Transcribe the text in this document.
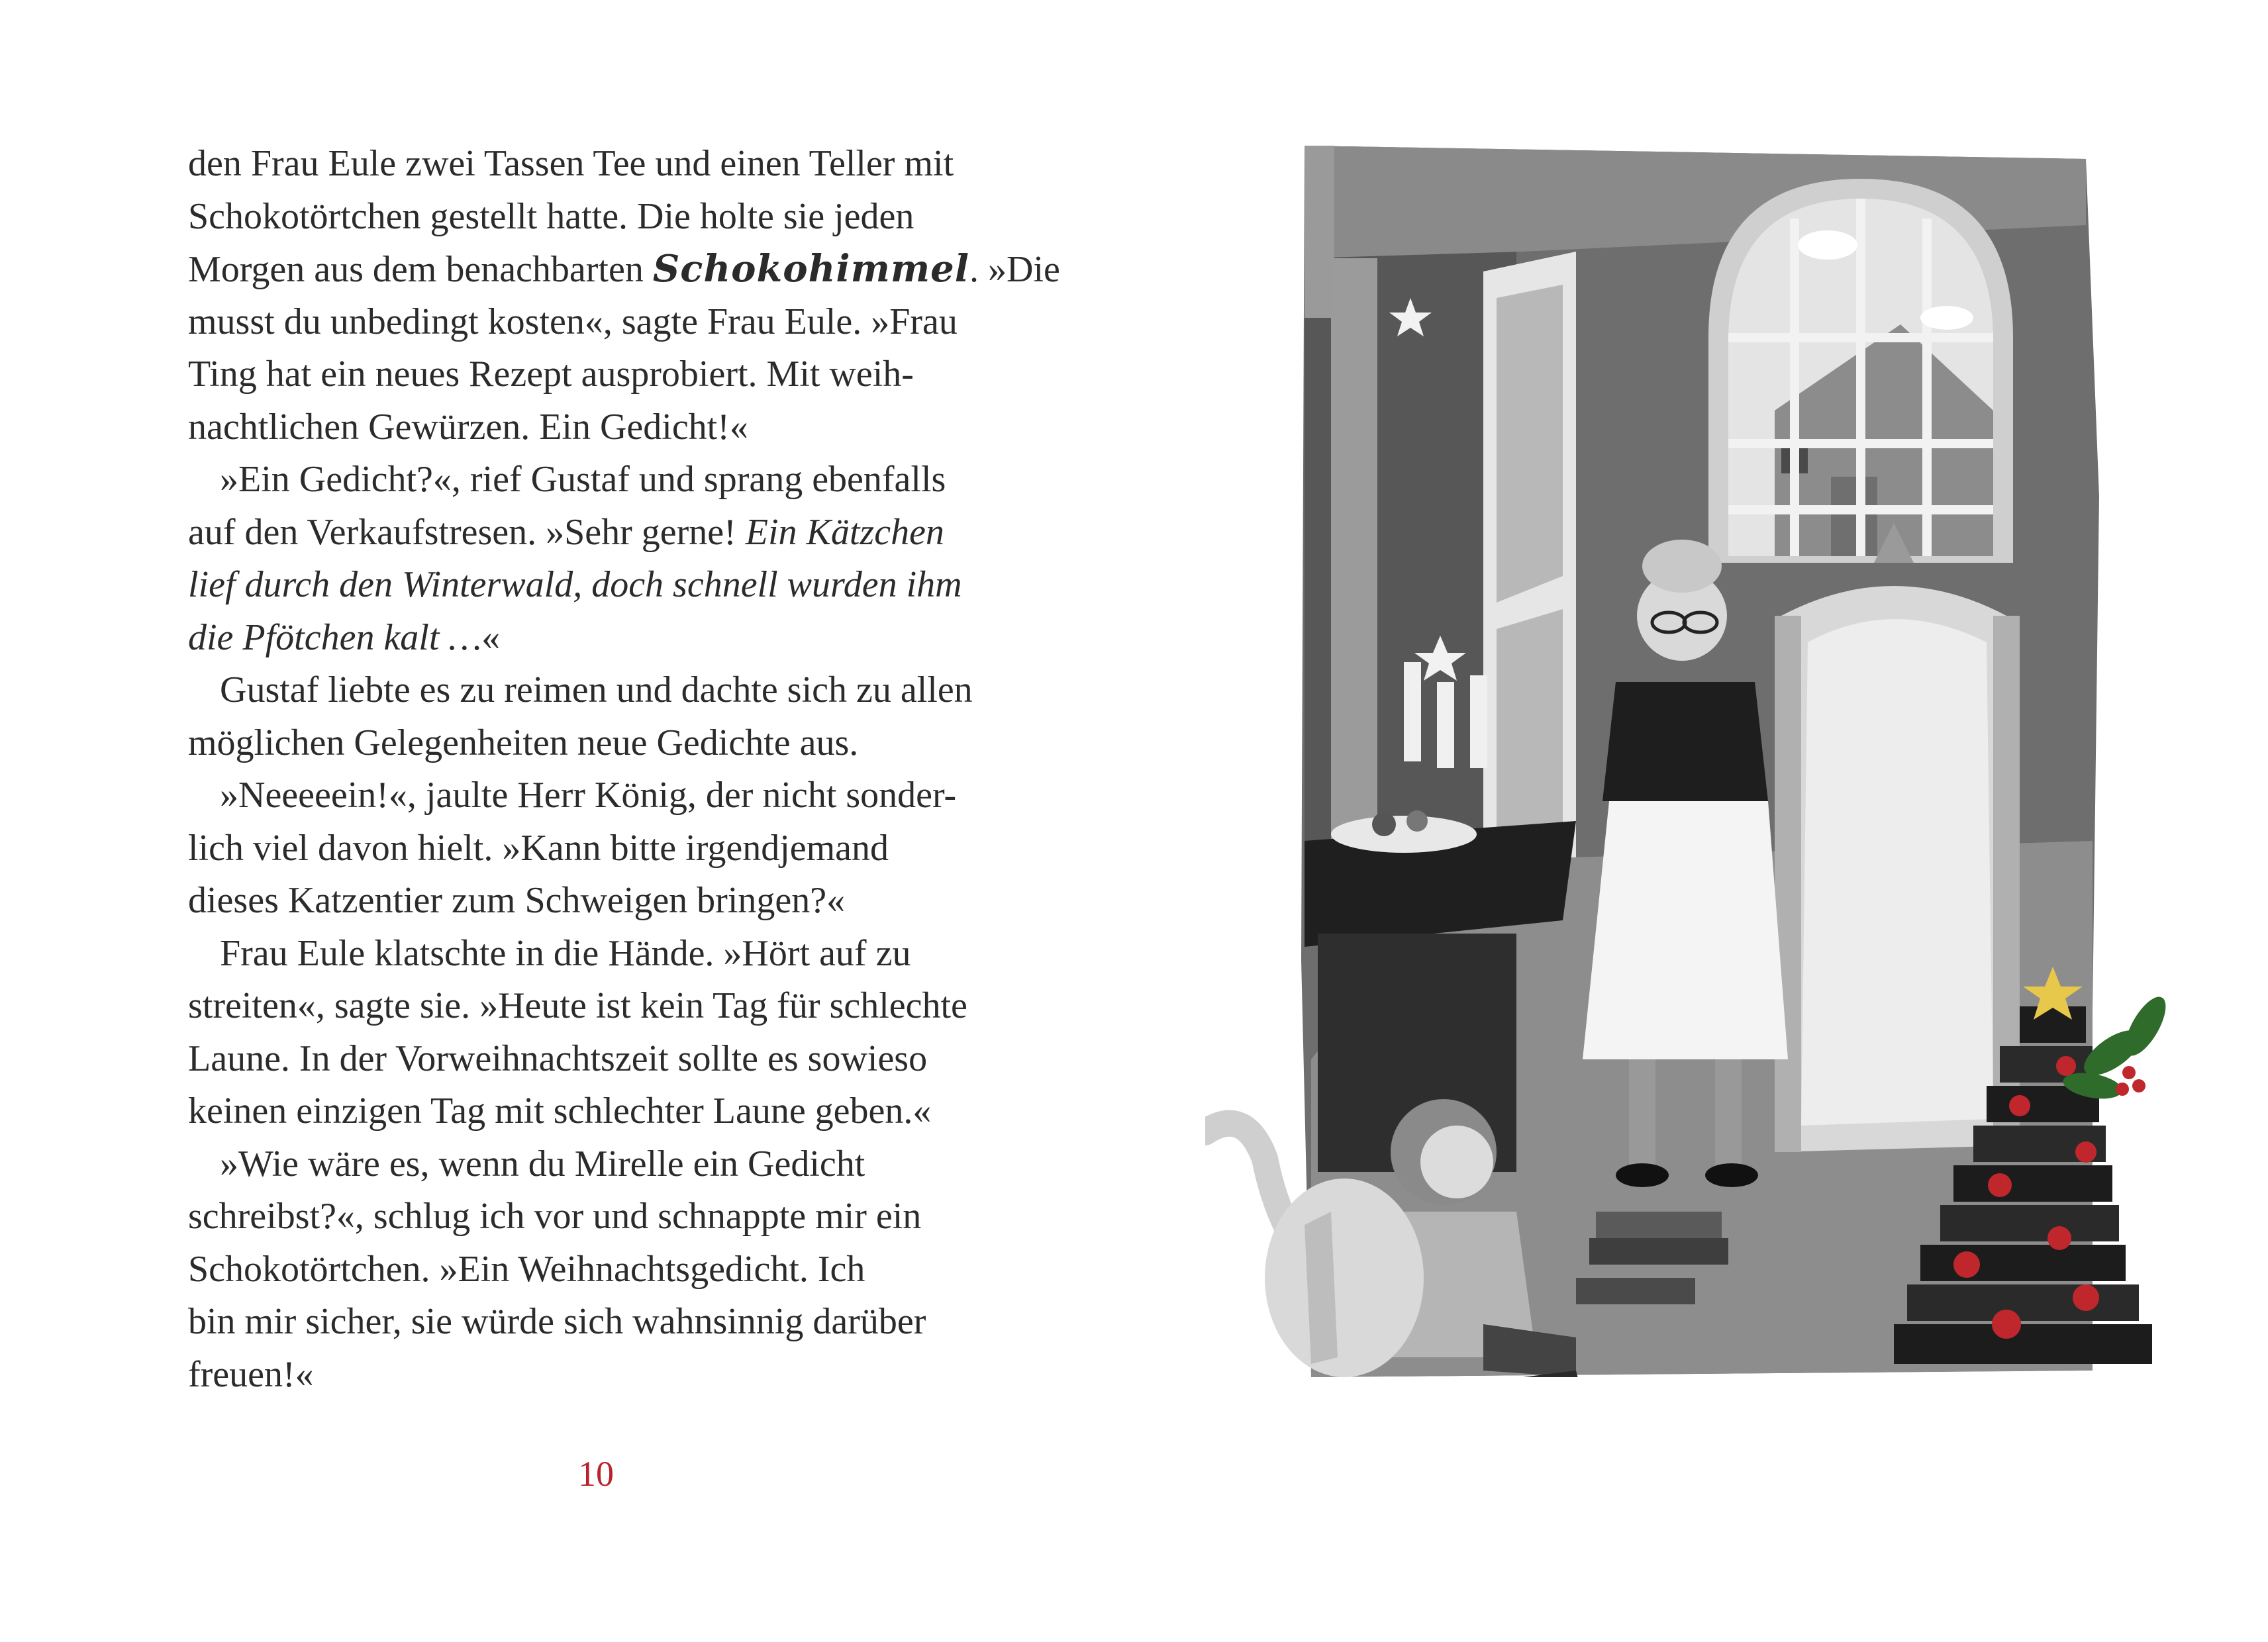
den Frau Eule zwei Tassen Tee und einen Teller mit
Schokotörtchen gestellt hatte. Die holte sie jeden
Morgen aus dem benachbarten Schokohimmel. »Die
musst du unbedingt kosten«, sagte Frau Eule. »Frau
Ting hat ein neues Rezept ausprobiert. Mit weih-
nachtlichen Gewürzen. Ein Gedicht!«
»Ein Gedicht?«, rief Gustaf und sprang ebenfalls
auf den Verkaufstresen. »Sehr gerne! Ein Kätzchen
lief durch den Winterwald, doch schnell wurden ihm
die Pfötchen kalt …«
Gustaf liebte es zu reimen und dachte sich zu allen
möglichen Gelegenheiten neue Gedichte aus.
»Neeeeein!«, jaulte Herr König, der nicht sonder-
lich viel davon hielt. »Kann bitte irgendjemand
dieses Katzentier zum Schweigen bringen?«
Frau Eule klatschte in die Hände. »Hört auf zu
streiten«, sagte sie. »Heute ist kein Tag für schlechte
Laune. In der Vorweihnachtszeit sollte es sowieso
keinen einzigen Tag mit schlechter Laune geben.«
»Wie wäre es, wenn du Mirelle ein Gedicht
schreibst?«, schlug ich vor und schnappte mir ein
Schokotörtchen. »Ein Weihnachtsgedicht. Ich
bin mir sicher, sie würde sich wahnsinnig darüber
freuen!«
10
